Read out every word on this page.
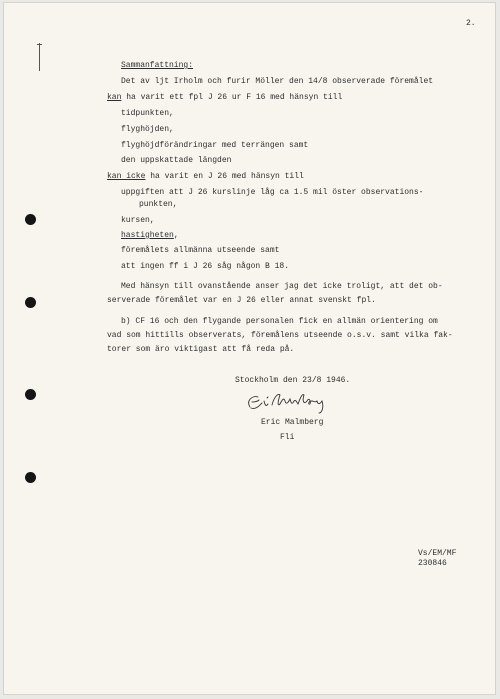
2.
Sammanfattning:
Det av ljt Irholm och furir Möller den 14/8 observerade föremålet
kan ha varit ett fpl J 26 ur F 16 med hänsyn till
tidpunkten,
flyghöjden,
flyghöjdförändringar med terrängen samt
den uppskattade längden
kan icke ha varit en J 26 med hänsyn till
uppgiften att J 26 kurslinje låg ca 1.5 mil öster observations-
punkten,
kursen,
hastigheten,
föremålets allmänna utseende samt
att ingen ff i J 26 såg någon B 18.
Med hänsyn till ovanstående anser jag det icke troligt, att det ob-
serverade föremålet var en J 26 eller annat svenskt fpl.
b) CF 16 och den flygande personalen fick en allmän orientering om
vad som hittills observerats, föremålens utseende o.s.v. samt vilka fak-
torer som äro viktigast att få reda på.
Stockholm den 23/8 1946.
Eric Malmberg
Fli
Vs/EM/MF
230846
